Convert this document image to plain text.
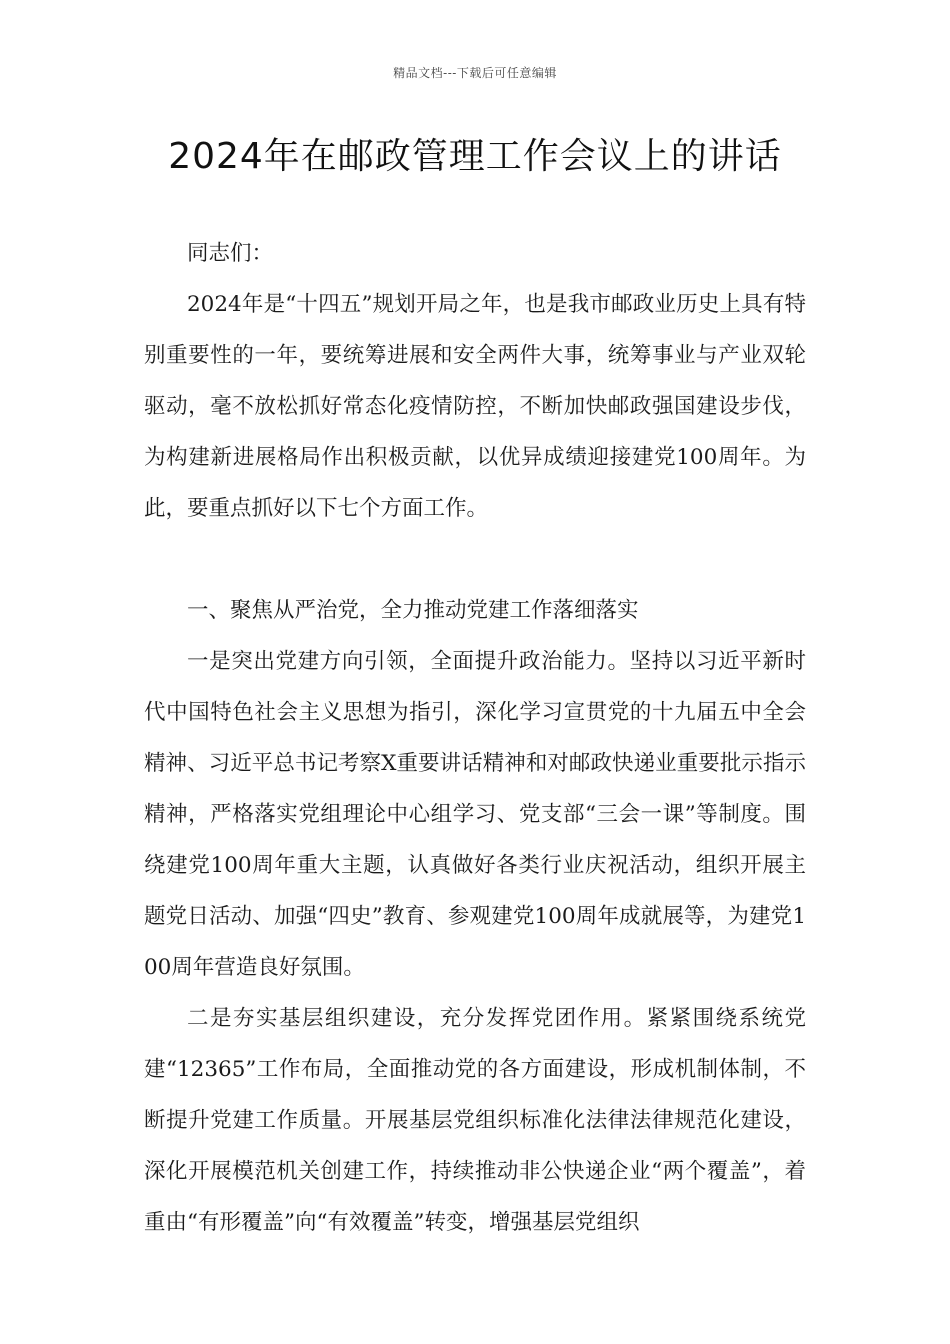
精品文档---下载后可任意编辑
2024年在邮政管理工作会议上的讲话

同志们：

2024年是“十四五”规划开局之年，也是我市邮政业历史上具有特别重要性的一年，要统筹进展和安全两件大事，统筹事业与产业双轮驱动，毫不放松抓好常态化疫情防控，不断加快邮政强国建设步伐，为构建新进展格局作出积极贡献，以优异成绩迎接建党100周年。为此，要重点抓好以下七个方面工作。

一、聚焦从严治党，全力推动党建工作落细落实

一是突出党建方向引领，全面提升政治能力。坚持以习近平新时代中国特色社会主义思想为指引，深化学习宣贯党的十九届五中全会精神、习近平总书记考察X重要讲话精神和对邮政快递业重要批示指示精神，严格落实党组理论中心组学习、党支部“三会一课”等制度。围绕建党100周年重大主题，认真做好各类行业庆祝活动，组织开展主题党日活动、加强“四史”教育、参观建党100周年成就展等，为建党100周年营造良好氛围。

二是夯实基层组织建设，充分发挥党团作用。紧紧围绕系统党建“12365”工作布局，全面推动党的各方面建设，形成机制体制，不断提升党建工作质量。开展基层党组织标准化法律法律规范化建设，深化开展模范机关创建工作，持续推动非公快递企业“两个覆盖”，着重由“有形覆盖”向“有效覆盖”转变，增强基层党组织
